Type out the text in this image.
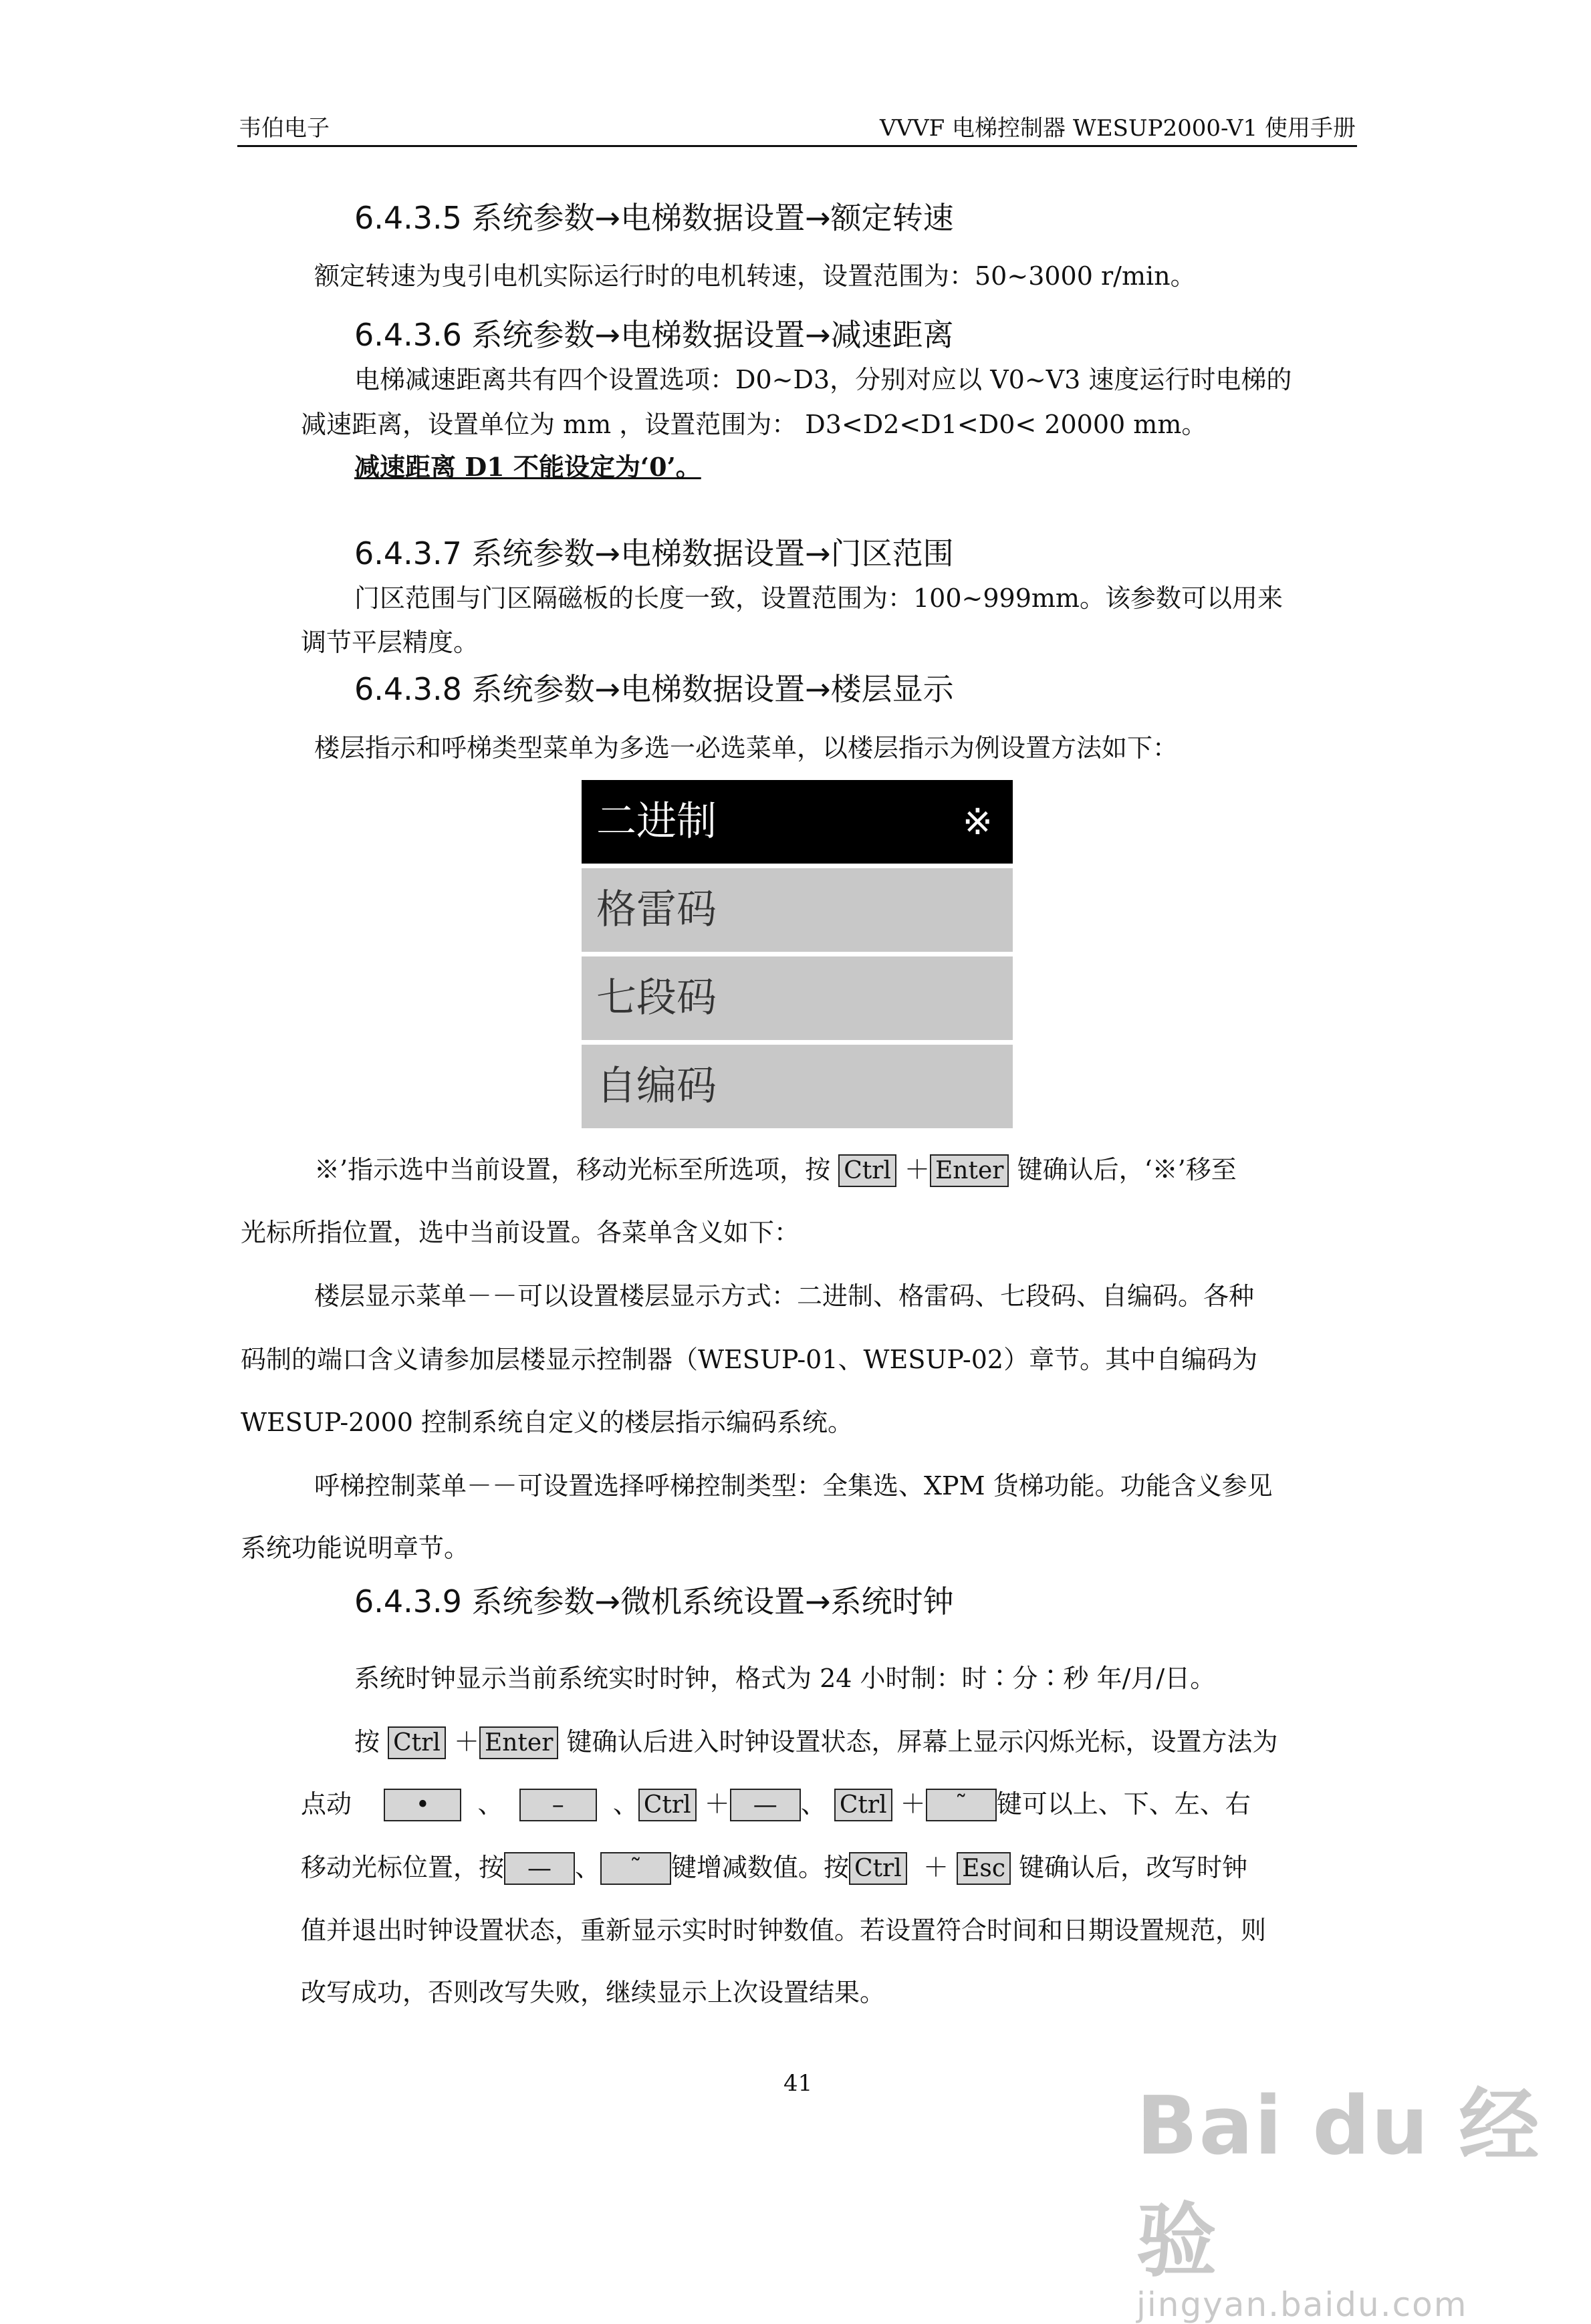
韦伯电子	VVVF 电梯控制器 WESUP2000-V1 使用手册
6.4.3.5 系统参数→电梯数据设置→额定转速
额定转速为曳引电机实际运行时的电机转速，设置范围为：50~3000 r/min。
6.4.3.6 系统参数→电梯数据设置→减速距离
电梯减速距离共有四个设置选项：D0~D3，分别对应以 V0~V3 速度运行时电梯的
减速距离，设置单位为 mm ，设置范围为： D3<D2<D1<D0< 20000 mm。
减速距离 D1 不能设定为‘0’。
6.4.3.7 系统参数→电梯数据设置→门区范围
门区范围与门区隔磁板的长度一致，设置范围为：100~999mm。该参数可以用来
调节平层精度。
6.4.3.8 系统参数→电梯数据设置→楼层显示
楼层指示和呼梯类型菜单为多选一必选菜单，以楼层指示为例设置方法如下：
二进制	※
格雷码
七段码
自编码
※’指示选中当前设置，移动光标至所选项，按 Ctrl ＋ Enter 键确认后，‘※’移至
光标所指位置，选中当前设置。各菜单含义如下：
楼层显示菜单－－可以设置楼层显示方式：二进制、格雷码、七段码、自编码。各种
码制的端口含义请参加层楼显示控制器（WESUP-01、WESUP-02）章节。其中自编码为
WESUP-2000 控制系统自定义的楼层指示编码系统。
呼梯控制菜单－－可设置选择呼梯控制类型：全集选、XPM 货梯功能。功能含义参见
系统功能说明章节。
6.4.3.9 系统参数→微机系统设置→系统时钟
系统时钟显示当前系统实时时钟，格式为 24 小时制：时∶分∶秒 年/月/日。
按 Ctrl ＋ Enter 键确认后进入时钟设置状态，屏幕上显示闪烁光标，设置方法为
点动	• 、 – 、 Ctrl ＋ — 、 Ctrl ＋ ˜ 键可以上、下、左、右
移动光标位置，按 — 、 ˜ 键增减数值。按 Ctrl ＋ Esc 键确认后，改写时钟
值并退出时钟设置状态，重新显示实时时钟数值。若设置符合时间和日期设置规范，则
改写成功，否则改写失败，继续显示上次设置结果。
41	Bai du 经验
jingyan.baidu.com
